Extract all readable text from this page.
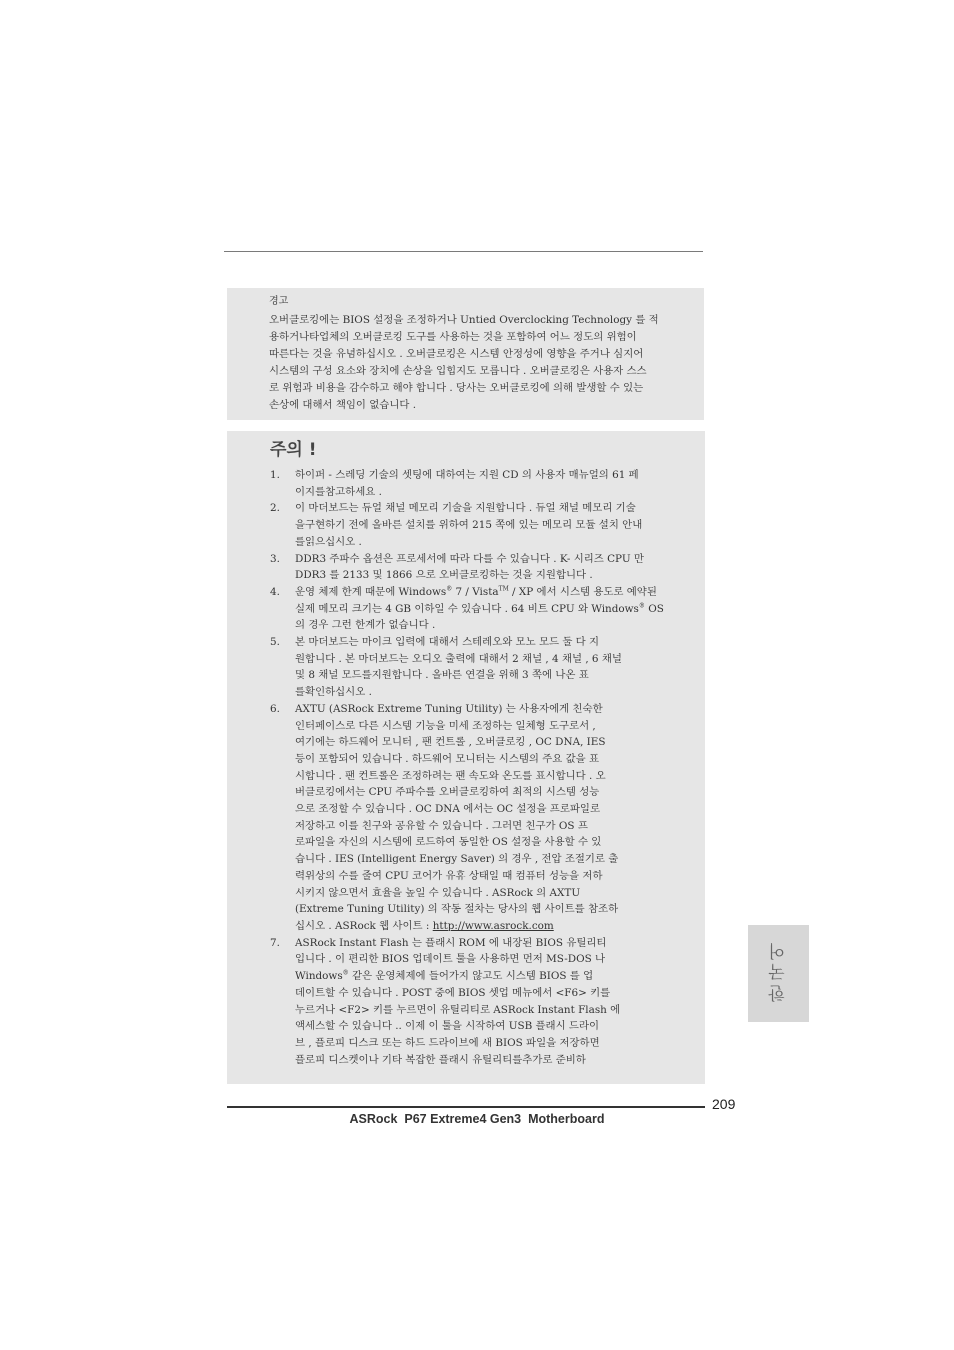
경고

오버클로킹에는 BIOS 설정을 조정하거나 Untied Overclocking Technology 를 적
용하거나타업체의 오버클로킹 도구를 사용하는 것을 포함하여 어느 정도의 위험이
따른다는 것을 유념하십시오 . 오버클로킹은 시스템 안정성에 영향을 주거나 심지어
시스템의 구성 요소와 장치에 손상을 입힙지도 모릅니다 . 오버클로킹은 사용자 스스
로 위험과 비용을 감수하고 해야 합니다 . 당사는 오버클로킹에 의해 발생할 수 있는
손상에 대해서 책임이 없습니다 .

주의 !
1.	하이퍼 - 스레딩 기술의 셋팅에 대하여는 지원 CD 의 사용자 매뉴얼의 61 페
이지를참고하세요 .
2.	이 마더보드는 듀얼 채널 메모리 기술을 지원합니다 . 듀얼 채널 메모리 기술
을구현하기 전에 올바른 설치를 위하여 215 쪽에 있는 메모리 모듈 설치 안내
를읽으십시오 .
3.	DDR3 주파수 옵션은 프로세서에 따라 다를 수 있습니다 . K- 시리즈 CPU 만
DDR3 를 2133 및 1866 으로 오버클로킹하는 것을 지원합니다 .
4.	운영 체제 한계 때문에 Windows® 7 / Vista™ / XP 에서 시스템 용도로 예약된
실제 메모리 크기는 4 GB 이하일 수 있습니다 . 64 비트 CPU 와 Windows® OS
의 경우 그런 한계가 없습니다 .
5.	본 마더보드는 마이크 입력에 대해서 스테레오와 모노 모드 둘 다 지
원합니다 . 본 마더보드는 오디오 출력에 대해서 2 채널 , 4 채널 , 6 채널
및 8 채널 모드를지원합니다 . 올바른 연결을 위해 3 쪽에 나온 표
를확인하십시오 .
6.	AXTU (ASRock Extreme Tuning Utility) 는 사용자에게 친숙한
인터페이스로 다른 시스템 기능을 미세 조정하는 일체형 도구로서 ,
여기에는 하드웨어 모니터 , 팬 컨트롤 , 오버클로킹 , OC DNA, IES
등이 포함되어 있습니다 . 하드웨어 모니터는 시스템의 주요 값을 표
시합니다 . 팬 컨트롤은 조정하려는 팬 속도와 온도를 표시합니다 . 오
버클로킹에서는 CPU 주파수를 오버클로킹하여 최적의 시스템 성능
으로 조정할 수 있습니다 . OC DNA 에서는 OC 설정을 프로파일로
저장하고 이를 친구와 공유할 수 있습니다 . 그러면 친구가 OS 프
로파일을 자신의 시스템에 로드하여 동일한 OS 설정을 사용할 수 있
습니다 . IES (Intelligent Energy Saver) 의 경우 , 전압 조절기로 출
력위상의 수를 줄여 CPU 코어가 유휴 상태일 때 컴퓨터 성능을 저하
시키지 않으면서 효율을 높일 수 있습니다 . ASRock 의 AXTU
(Extreme Tuning Utility) 의 작동 절차는 당사의 웹 사이트를 참조하
십시오 . ASRock 웹 사이트 : http://www.asrock.com
7.	ASRock Instant Flash 는 플래시 ROM 에 내장된 BIOS 유틸리티
입니다 . 이 편리한 BIOS 업데이트 툴을 사용하면 먼저 MS-DOS 나
Windows® 같은 운영체제에 들어가지 않고도 시스템 BIOS 를 업
데이트할 수 있습니다 . POST 중에 BIOS 셋업 메뉴에서 <F6> 키를
누르거나 <F2> 키를 누르면이 유틸리티로 ASRock Instant Flash 에
액세스할 수 있습니다 .. 이제 이 툴을 시작하여 USB 플래시 드라이
브 , 플로피 디스크 또는 하드 드라이브에 새 BIOS 파일을 저장하면
플로피 디스켓이나 기타 복잡한 플래시 유틸리티를추가로 준비하
한국어
209
ASRock  P67 Extreme4 Gen3  Motherboard
